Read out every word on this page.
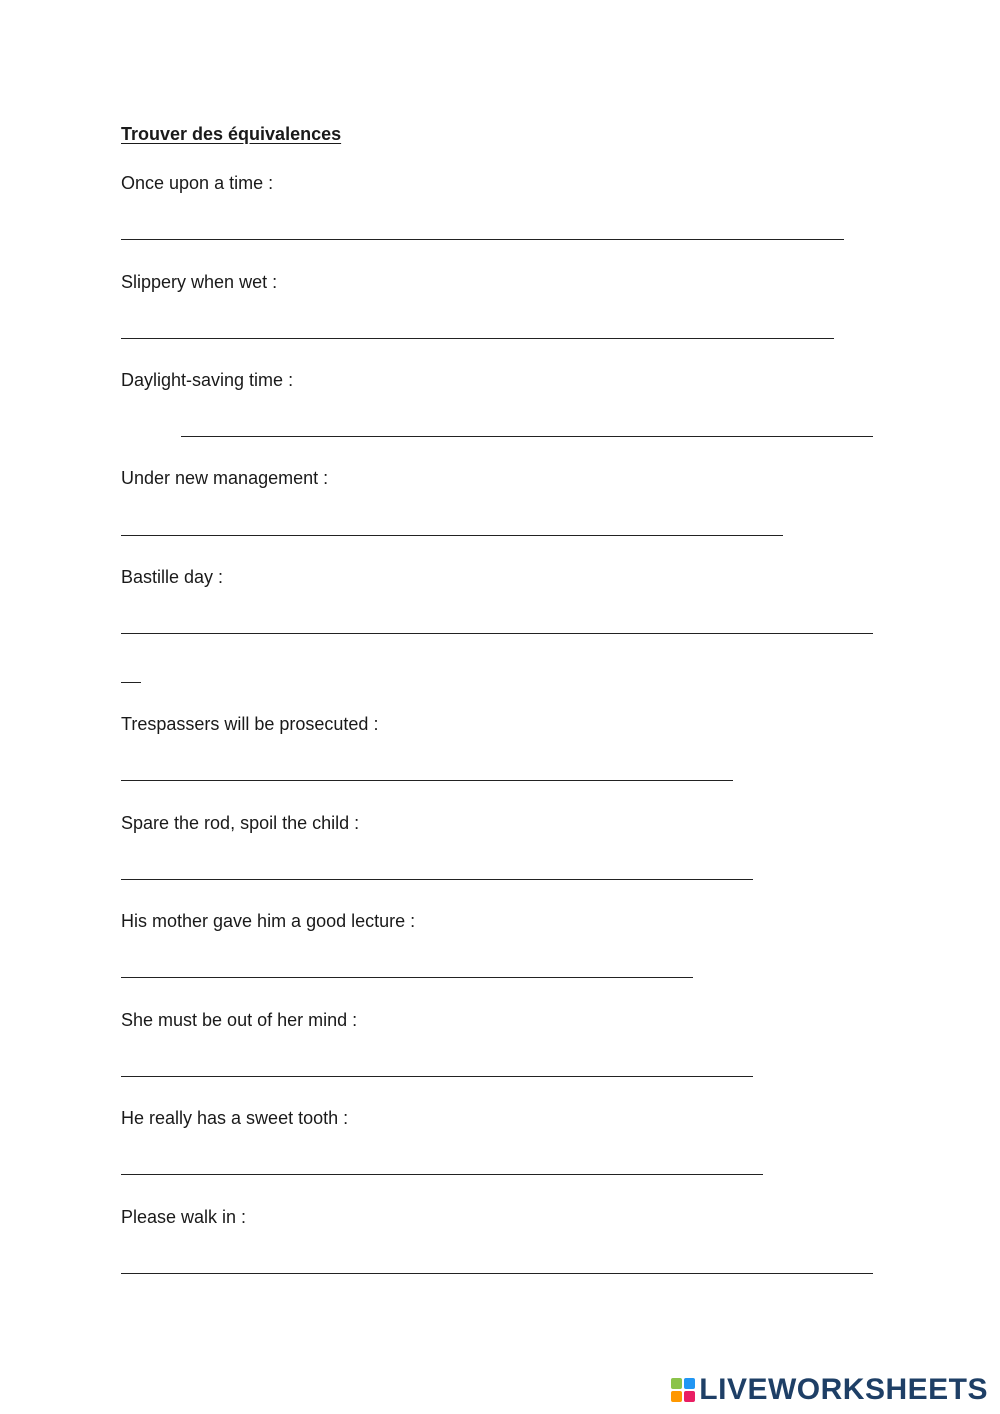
Trouver des équivalences
Once upon a time :
Slippery when wet :
Daylight-saving time :
Under new management :
Bastille day :
Trespassers will be prosecuted :
Spare the rod, spoil the child :
His mother gave him a good lecture :
She must be out of her mind :
He really has a sweet tooth :
Please walk in :
LIVEWORKSHEETS
